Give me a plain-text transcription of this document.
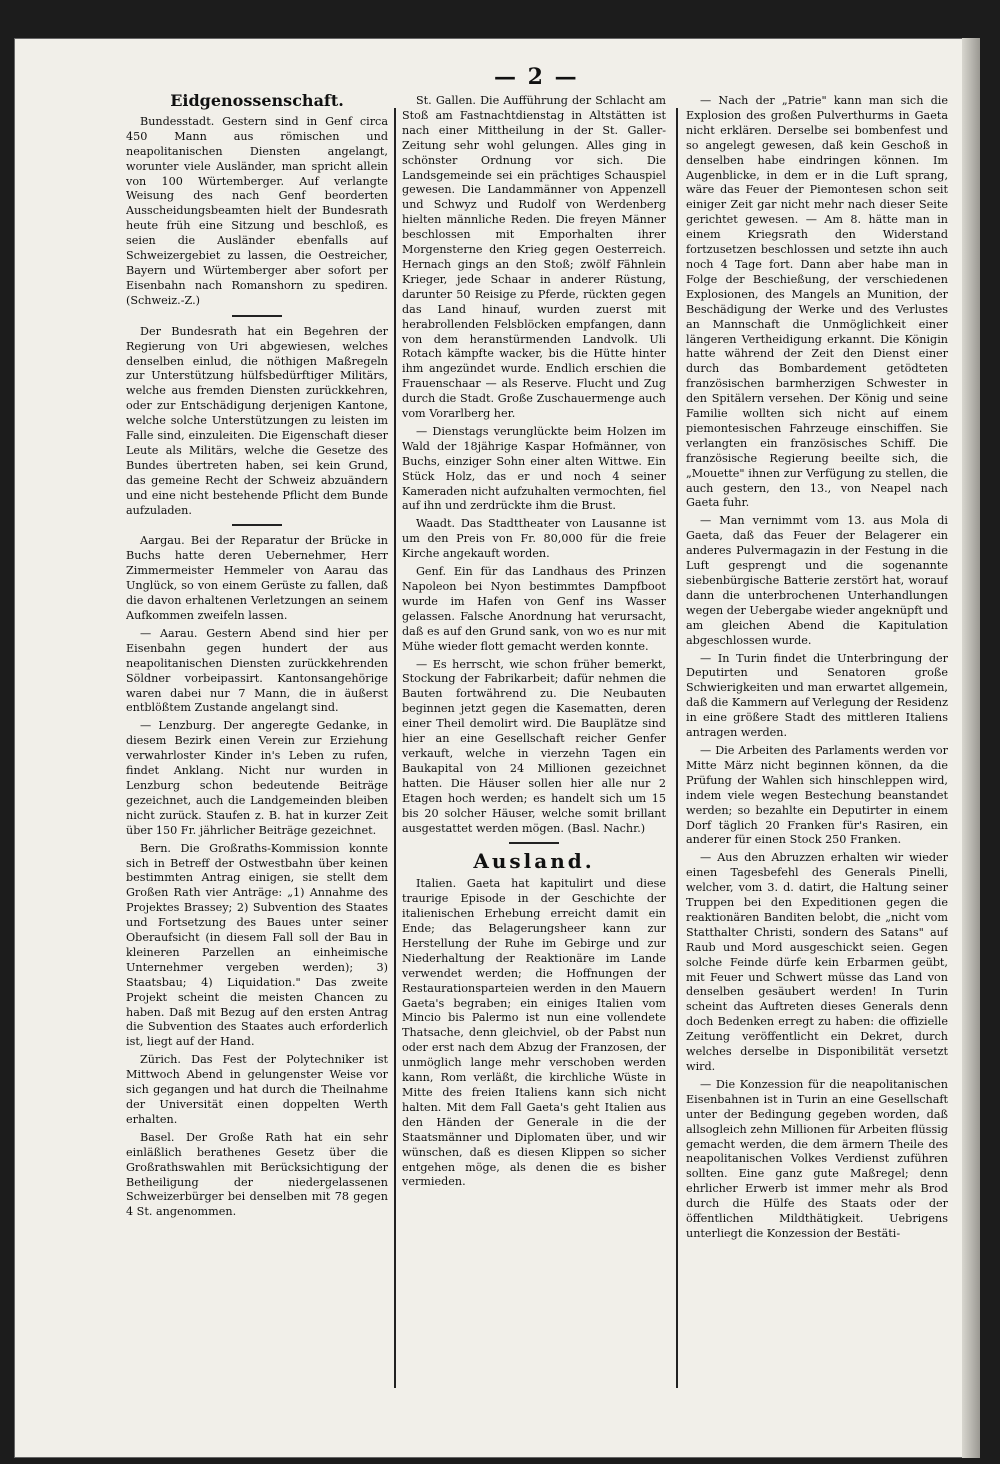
— 2 —
Eidgenossenschaft.

Bundesstadt. Gestern sind in Genf circa 450 Mann aus römischen und neapolitanischen Diensten angelangt, worunter viele Ausländer, man spricht allein von 100 Würtemberger. Auf verlangte Weisung des nach Genf beorderten Ausscheidungsbeamten hielt der Bundesrath heute früh eine Sitzung und beschloß, es seien die Ausländer ebenfalls auf Schweizergebiet zu lassen, die Oestreicher, Bayern und Würtemberger aber sofort per Eisenbahn nach Romanshorn zu spediren. (Schweiz.-Z.)

Der Bundesrath hat ein Begehren der Regierung von Uri abgewiesen, welches denselben einlud, die nöthigen Maßregeln zur Unterstützung hülfsbedürftiger Militärs, welche aus fremden Diensten zurückkehren, oder zur Entschädigung derjenigen Kantone, welche solche Unterstützungen zu leisten im Falle sind, einzuleiten. Die Eigenschaft dieser Leute als Militärs, welche die Gesetze des Bundes übertreten haben, sei kein Grund, das gemeine Recht der Schweiz abzuändern und eine nicht bestehende Pflicht dem Bunde aufzuladen.

Aargau. Bei der Reparatur der Brücke in Buchs hatte deren Uebernehmer, Herr Zimmermeister Hemmeler von Aarau das Unglück, so von einem Gerüste zu fallen, daß die davon erhaltenen Verletzungen an seinem Aufkommen zweifeln lassen.

— Aarau. Gestern Abend sind hier per Eisenbahn gegen hundert der aus neapolitanischen Diensten zurückkehrenden Söldner vorbeipassirt. Kantonsangehörige waren dabei nur 7 Mann, die in äußerst entblößtem Zustande angelangt sind.

— Lenzburg. Der angeregte Gedanke, in diesem Bezirk einen Verein zur Erziehung verwahrloster Kinder in's Leben zu rufen, findet Anklang. Nicht nur wurden in Lenzburg schon bedeutende Beiträge gezeichnet, auch die Landgemeinden bleiben nicht zurück. Staufen z. B. hat in kurzer Zeit über 150 Fr. jährlicher Beiträge gezeichnet.

Bern. Die Großraths-Kommission konnte sich in Betreff der Ostwestbahn über keinen bestimmten Antrag einigen, sie stellt dem Großen Rath vier Anträge: „1) Annahme des Projektes Brassey; 2) Subvention des Staates und Fortsetzung des Baues unter seiner Oberaufsicht (in diesem Fall soll der Bau in kleineren Parzellen an einheimische Unternehmer vergeben werden); 3) Staatsbau; 4) Liquidation." Das zweite Projekt scheint die meisten Chancen zu haben. Daß mit Bezug auf den ersten Antrag die Subvention des Staates auch erforderlich ist, liegt auf der Hand.

Zürich. Das Fest der Polytechniker ist Mittwoch Abend in gelungenster Weise vor sich gegangen und hat durch die Theilnahme der Universität einen doppelten Werth erhalten.

Basel. Der Große Rath hat ein sehr einläßlich berathenes Gesetz über die Großrathswahlen mit Berücksichtigung der Betheiligung der niedergelassenen Schweizerbürger bei denselben mit 78 gegen 4 St. angenommen.

St. Gallen. Die Aufführung der Schlacht am Stoß am Fastnachtdienstag in Altstätten ist nach einer Mittheilung in der St. Galler-Zeitung sehr wohl gelungen. Alles ging in schönster Ordnung vor sich. Die Landsgemeinde sei ein prächtiges Schauspiel gewesen. Die Landammänner von Appenzell und Schwyz und Rudolf von Werdenberg hielten männliche Reden. Die freyen Männer beschlossen mit Emporhalten ihrer Morgensterne den Krieg gegen Oesterreich. Hernach gings an den Stoß; zwölf Fähnlein Krieger, jede Schaar in anderer Rüstung, darunter 50 Reisige zu Pferde, rückten gegen das Land hinauf, wurden zuerst mit herabrollenden Felsblöcken empfangen, dann von dem heranstürmenden Landvolk. Uli Rotach kämpfte wacker, bis die Hütte hinter ihm angezündet wurde. Endlich erschien die Frauenschaar — als Reserve. Flucht und Zug durch die Stadt. Große Zuschauermenge auch vom Vorarlberg her.

— Dienstags verunglückte beim Holzen im Wald der 18jährige Kaspar Hofmänner, von Buchs, einziger Sohn einer alten Wittwe. Ein Stück Holz, das er und noch 4 seiner Kameraden nicht aufzuhalten vermochten, fiel auf ihn und zerdrückte ihm die Brust.

Waadt. Das Stadttheater von Lausanne ist um den Preis von Fr. 80,000 für die freie Kirche angekauft worden.

Genf. Ein für das Landhaus des Prinzen Napoleon bei Nyon bestimmtes Dampfboot wurde im Hafen von Genf ins Wasser gelassen. Falsche Anordnung hat verursacht, daß es auf den Grund sank, von wo es nur mit Mühe wieder flott gemacht werden konnte.

— Es herrscht, wie schon früher bemerkt, Stockung der Fabrikarbeit; dafür nehmen die Bauten fortwährend zu. Die Neubauten beginnen jetzt gegen die Kasematten, deren einer Theil demolirt wird. Die Bauplätze sind hier an eine Gesellschaft reicher Genfer verkauft, welche in vierzehn Tagen ein Baukapital von 24 Millionen gezeichnet hatten. Die Häuser sollen hier alle nur 2 Etagen hoch werden; es handelt sich um 15 bis 20 solcher Häuser, welche somit brillant ausgestattet werden mögen. (Basl. Nachr.)

Ausland.

Italien. Gaeta hat kapitulirt und diese traurige Episode in der Geschichte der italienischen Erhebung erreicht damit ein Ende; das Belagerungsheer kann zur Herstellung der Ruhe im Gebirge und zur Niederhaltung der Reaktionäre im Lande verwendet werden; die Hoffnungen der Restaurationsparteien werden in den Mauern Gaeta's begraben; ein einiges Italien vom Mincio bis Palermo ist nun eine vollendete Thatsache, denn gleichviel, ob der Pabst nun oder erst nach dem Abzug der Franzosen, der unmöglich lange mehr verschoben werden kann, Rom verläßt, die kirchliche Wüste in Mitte des freien Italiens kann sich nicht halten. Mit dem Fall Gaeta's geht Italien aus den Händen der Generale in die der Staatsmänner und Diplomaten über, und wir wünschen, daß es diesen Klippen so sicher entgehen möge, als denen die es bisher vermieden.

— Nach der „Patrie" kann man sich die Explosion des großen Pulverthurms in Gaeta nicht erklären. Derselbe sei bombenfest und so angelegt gewesen, daß kein Geschoß in denselben habe eindringen können. Im Augenblicke, in dem er in die Luft sprang, wäre das Feuer der Piemontesen schon seit einiger Zeit gar nicht mehr nach dieser Seite gerichtet gewesen. — Am 8. hätte man in einem Kriegsrath den Widerstand fortzusetzen beschlossen und setzte ihn auch noch 4 Tage fort. Dann aber habe man in Folge der Beschießung, der verschiedenen Explosionen, des Mangels an Munition, der Beschädigung der Werke und des Verlustes an Mannschaft die Unmöglichkeit einer längeren Vertheidigung erkannt. Die Königin hatte während der Zeit den Dienst einer durch das Bombardement getödteten französischen barmherzigen Schwester in den Spitälern versehen. Der König und seine Familie wollten sich nicht auf einem piemontesischen Fahrzeuge einschiffen. Sie verlangten ein französisches Schiff. Die französische Regierung beeilte sich, die „Mouette" ihnen zur Verfügung zu stellen, die auch gestern, den 13., von Neapel nach Gaeta fuhr.

— Man vernimmt vom 13. aus Mola di Gaeta, daß das Feuer der Belagerer ein anderes Pulvermagazin in der Festung in die Luft gesprengt und die sogenannte siebenbürgische Batterie zerstört hat, worauf dann die unterbrochenen Unterhandlungen wegen der Uebergabe wieder angeknüpft und am gleichen Abend die Kapitulation abgeschlossen wurde.

— In Turin findet die Unterbringung der Deputirten und Senatoren große Schwierigkeiten und man erwartet allgemein, daß die Kammern auf Verlegung der Residenz in eine größere Stadt des mittleren Italiens antragen werden.

— Die Arbeiten des Parlaments werden vor Mitte März nicht beginnen können, da die Prüfung der Wahlen sich hinschleppen wird, indem viele wegen Bestechung beanstandet werden; so bezahlte ein Deputirter in einem Dorf täglich 20 Franken für's Rasiren, ein anderer für einen Stock 250 Franken.

— Aus den Abruzzen erhalten wir wieder einen Tagesbefehl des Generals Pinelli, welcher, vom 3. d. datirt, die Haltung seiner Truppen bei den Expeditionen gegen die reaktionären Banditen belobt, die „nicht vom Statthalter Christi, sondern des Satans" auf Raub und Mord ausgeschickt seien. Gegen solche Feinde dürfe kein Erbarmen geübt, mit Feuer und Schwert müsse das Land von denselben gesäubert werden! In Turin scheint das Auftreten dieses Generals denn doch Bedenken erregt zu haben: die offizielle Zeitung veröffentlicht ein Dekret, durch welches derselbe in Disponibilität versetzt wird.

— Die Konzession für die neapolitanischen Eisenbahnen ist in Turin an eine Gesellschaft unter der Bedingung gegeben worden, daß allsogleich zehn Millionen für Arbeiten flüssig gemacht werden, die dem ärmern Theile des neapolitanischen Volkes Verdienst zuführen sollten. Eine ganz gute Maßregel; denn ehrlicher Erwerb ist immer mehr als Brod durch die Hülfe des Staats oder der öffentlichen Mildthätigkeit. Uebrigens unterliegt die Konzession der Bestäti-
